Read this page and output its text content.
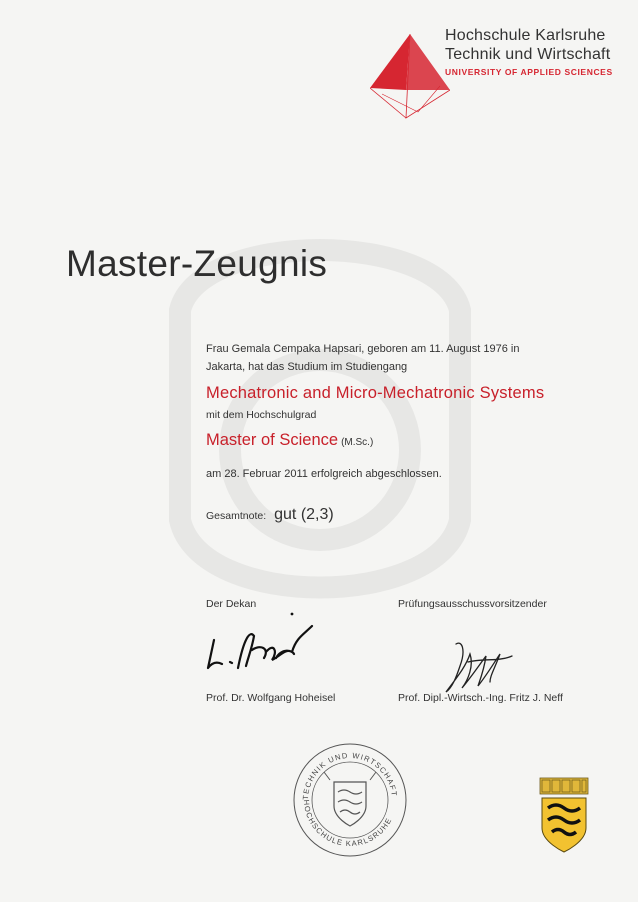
Hochschule Karlsruhe
Technik und Wirtschaft
UNIVERSITY OF APPLIED SCIENCES
Master-Zeugnis

Frau Gemala Cempaka Hapsari, geboren am 11. August 1976 in
Jakarta, hat das Studium im Studiengang

Mechatronic and Micro-Mechatronic Systems

mit dem Hochschulgrad

Master of Science (M.Sc.)

am 28. Februar 2011 erfolgreich abgeschlossen.

Gesamtnote: gut (2,3)

Der Dekan	Prüfungsausschussvorsitzender
Prof. Dr. Wolfgang Hoheisel	Prof. Dipl.-Wirtsch.-Ing. Fritz J. Neff
TECHNIK UND WIRTSCHAFT
HOCHSCHULE KARLSRUHE
